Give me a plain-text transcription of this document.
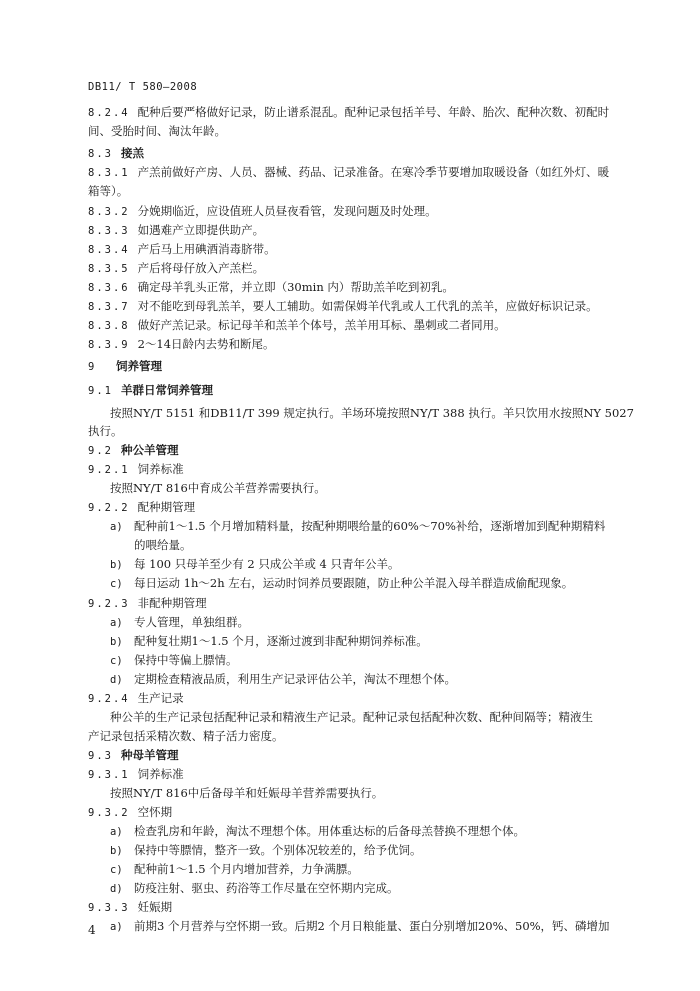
DB11/ T 580—2008
8.2.4 配种后要严格做好记录，防止谱系混乱。配种记录包括羊号、年龄、胎次、配种次数、初配时
间、受胎时间、淘汰年龄。
8.3 接羔
8.3.1 产羔前做好产房、人员、器械、药品、记录准备。在寒冷季节要增加取暖设备（如红外灯、暖
箱等）。
8.3.2 分娩期临近，应设值班人员昼夜看管，发现问题及时处理。
8.3.3 如遇难产立即提供助产。
8.3.4 产后马上用碘酒消毒脐带。
8.3.5 产后将母仔放入产羔栏。
8.3.6 确定母羊乳头正常，并立即（30min 内）帮助羔羊吃到初乳。
8.3.7 对不能吃到母乳羔羊，要人工辅助。如需保姆羊代乳或人工代乳的羔羊，应做好标识记录。
8.3.8 做好产羔记录。标记母羊和羔羊个体号，羔羊用耳标、墨刺或二者同用。
8.3.9 2～14日龄内去势和断尾。
9 饲养管理
9.1 羊群日常饲养管理
按照NY/T 5151 和DB11/T 399 规定执行。羊场环境按照NY/T 388 执行。羊只饮用水按照NY 5027
执行。
9.2 种公羊管理
9.2.1 饲养标准
按照NY/T 816中育成公羊营养需要执行。
9.2.2 配种期管理
a) 配种前1～1.5 个月增加精料量，按配种期喂给量的60%～70%补给，逐渐增加到配种期精料
的喂给量。
b) 每 100 只母羊至少有 2 只成公羊或 4 只青年公羊。
c) 每日运动 1h～2h 左右，运动时饲养员要跟随，防止种公羊混入母羊群造成偷配现象。
9.2.3 非配种期管理
a) 专人管理，单独组群。
b) 配种复壮期1～1.5 个月，逐渐过渡到非配种期饲养标准。
c) 保持中等偏上膘情。
d) 定期检查精液品质，利用生产记录评估公羊，淘汰不理想个体。
9.2.4 生产记录
种公羊的生产记录包括配种记录和精液生产记录。配种记录包括配种次数、配种间隔等；精液生
产记录包括采精次数、精子活力密度。
9.3 种母羊管理
9.3.1 饲养标准
按照NY/T 816中后备母羊和妊娠母羊营养需要执行。
9.3.2 空怀期
a) 检查乳房和年龄，淘汰不理想个体。用体重达标的后备母羔替换不理想个体。
b) 保持中等膘情，整齐一致。个别体况较差的，给予优饲。
c) 配种前1～1.5 个月内增加营养，力争满膘。
d) 防疫注射、驱虫、药浴等工作尽量在空怀期内完成。
9.3.3 妊娠期
a) 前期3 个月营养与空怀期一致。后期2 个月日粮能量、蛋白分别增加20%、50%，钙、磷增加
4
